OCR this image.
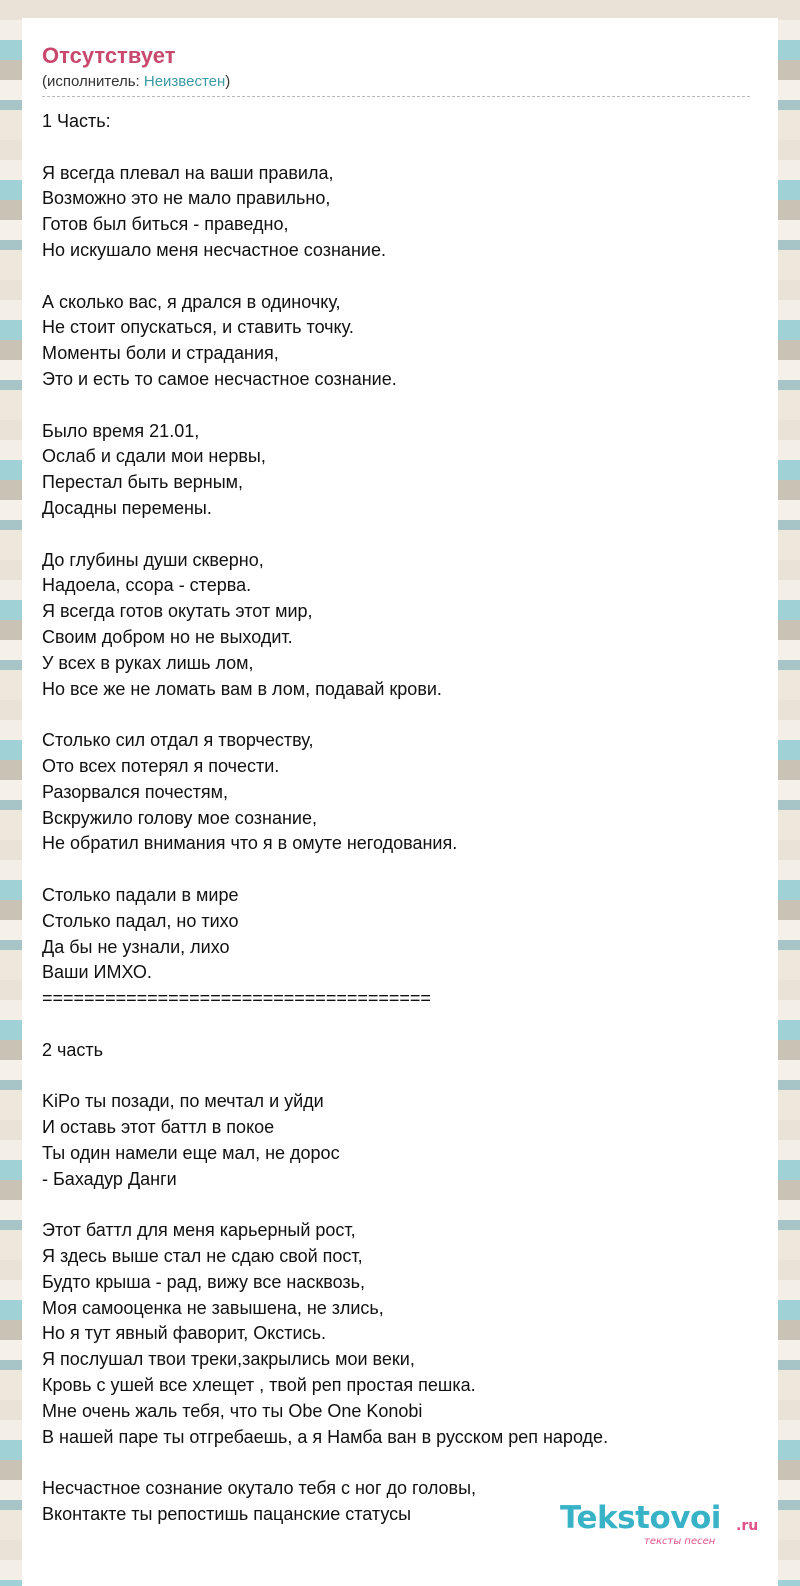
Отсутствует
(исполнитель: Неизвестен)
1 Часть:
Я всегда плевал на ваши правила,
Возможно это не мало правильно,
Готов был биться - праведно,
Но искушало меня несчастное сознание.
А сколько вас, я дрался в одиночку,
Не стоит опускаться, и ставить точку.
Моменты боли и страдания,
Это и есть то самое несчастное сознание.
Было время 21.01,
Ослаб и сдали мои нервы,
Перестал быть верным,
Досадны перемены.
До глубины души скверно,
Надоела, ссора - стерва.
Я всегда готов окутать этот мир,
Своим добром но не выходит.
У всех в руках лишь лом,
Но все же не ломать вам в лом, подавай крови.
Столько сил отдал я творчеству,
Ото всех потерял я почести.
Разорвался почестям,
Вскружило голову мое сознание,
Не обратил внимания что я в омуте негодования.
Столько падали в мире
Столько падал, но тихо
Да бы не узнали, лихо
Ваши ИМХО.
=====================================
2 часть
KiPo ты позади, по мечтал и уйди
И оставь этот баттл в покое
Ты один намели еще мал, не дорос
- Бахадур Данги
Этот баттл для меня карьерный рост,
Я здесь выше стал не сдаю свой пост,
Будто крыша - рад, вижу все насквозь,
Моя самооценка не завышена, не злись,
Но я тут явный фаворит, Окстись.
Я послушал твои треки,закрылись мои веки,
Кровь с ушей все хлещет , твой реп простая пешка.
Мне очень жаль тебя, что ты Obe One Konobi
В нашей паре ты отгребаешь, а я Намба ван в русском реп народе.
Несчастное сознание окутало тебя с ног до головы,
Вконтакте ты репостишь пацанские статусы	Tekstovoi .ru
тексты песен
